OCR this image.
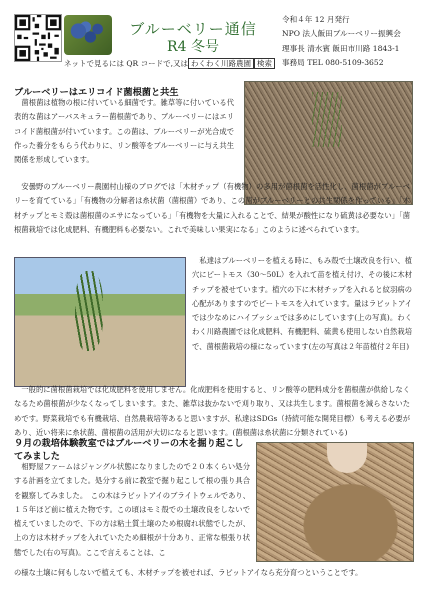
ブルーベリー通信
R4 冬号
ネットで見るには QR コードで,又は わくわく川路農園 検索
令和４年 12 月発行
NPO 法人飯田ブルーベリー振興会
理事長 清水賓 飯田市川路 1843-1
事務局 TEL 080-5109-3652
ブルーベリーはエリコイド菌根菌と共生
　菌根菌は植物の根に付いている細菌です。雑草等に付いている代表的な菌はアーバスキュラー菌根菌であり、ブルーベリーにはエリコイド菌根菌が付いています。この菌は、ブルーベリーが光合成で作った養分をもらう代わりに、リン酸等をブルーベリーに与え共生関係を形成しています。
　安曇野のブルーベリー農園村山様のブログでは「木材チップ（有機物）の多用が菌根菌を活性化し、菌根菌がブルーベリーを育てている」「有機物の分解者は糸状菌（菌根菌）であり、この菌がブルーベリーとの共生関係を作っている」「木材チップとモミ殻は菌根菌のエサになっている」「有機物を大量に入れることで、結果が酸性になり硫黄は必要ない」「菌根菌栽培では化成肥料、有機肥料も必要ない。これで美味しい果実になる」このように述べられています。
　私達はブルーベリーを植える時に、もみ殻で土壌改良を行い、植穴にピートモス（30～50L）を入れて苗を植え付け、その後に木材チップを被せています。植穴の下に木材チップを入れると紋羽病の心配がありますのでピートモスを入れています。量はラビットアイでは少なめにハイブッシュでは多めにしています(上の写真)。わくわく川路農園では化成肥料、有機肥料、硫黄も使用しない自然栽培で、菌根菌栽培の様になっています(左の写真は２年苗植付２年目)
　一般的に菌根菌栽培では化成肥料を使用しません。化成肥料を使用すると、リン酸等の肥料成分を菌根菌が供給しなくなるため菌根菌が少なくなってしまいます。また、雑草は抜かないで刈り取り、又は共生します。菌根菌を減らさないためです。野菜栽培でも有機栽培、自然農栽培等あると思いますが、私達はSDGs（持続可能な開発目標）も考える必要があり、近い将来に糸状菌、菌根菌の活用が大切になると思います。(菌根菌は糸状菌に分類されている)
９月の栽培体験教室ではブルーベリーの木を掘り起こしてみました
　相野屋ファームはジャングル状態になりましたので２０本くらい処分する計画を立てました。処分する前に教室で掘り起こして根の張り具合を観察してみました。　この木はラビットアイのブライトウェルであり、１５年ほど前に植えた物です。この頃はモミ殻での土壌改良をしないで植えていましたので、下の方は粘土質土壌のため根腐れ状態でしたが、上の方は木材チップを入れていたため細根が十分あり、正常な根張り状態でした(右の写真)。ここで言えることは、こ
の様な土壌に何もしないで植えても、木材チップを被せれば、ラビットアイなら充分育つということです。
